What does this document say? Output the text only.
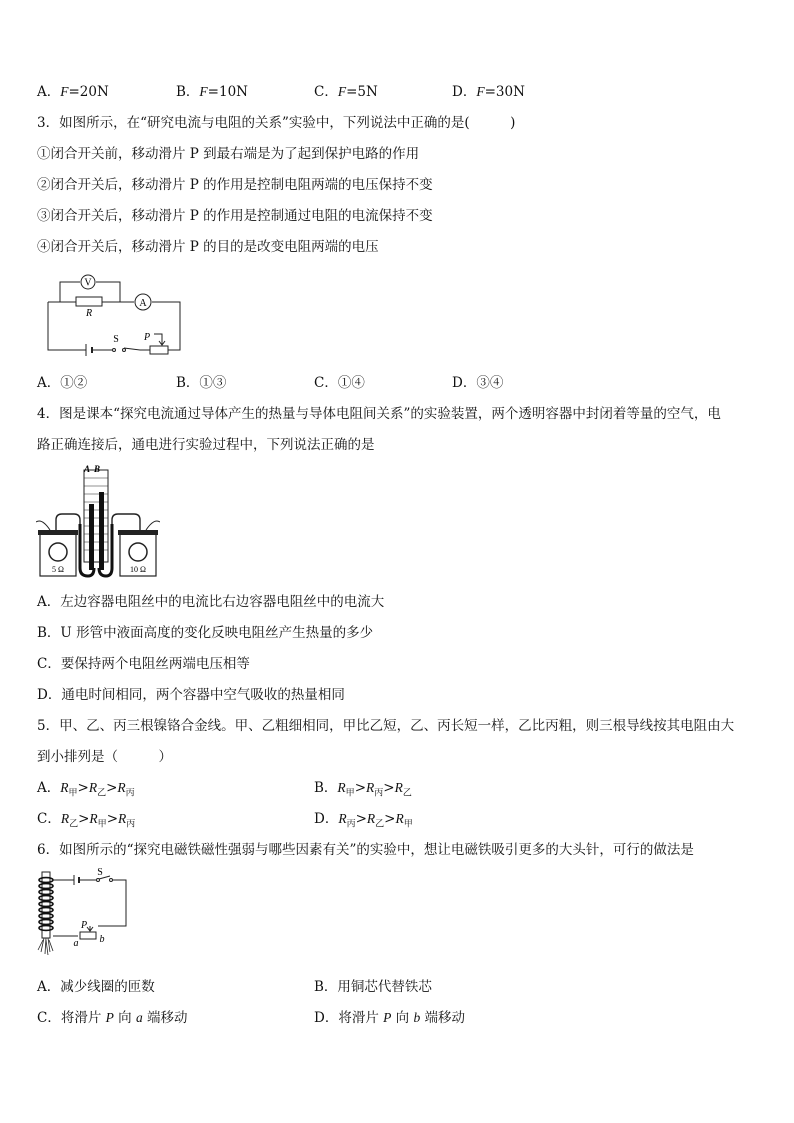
A．F=20N	B．F=10N	C．F=5N	D．F=30N
3．如图所示，在“研究电流与电阻的关系”实验中，下列说法中正确的是(　　　)
①闭合开关前，移动滑片 P 到最右端是为了起到保护电路的作用
②闭合开关后，移动滑片 P 的作用是控制电阻两端的电压保持不变
③闭合开关后，移动滑片 P 的作用是控制通过电阻的电流保持不变
④闭合开关后，移动滑片 P 的目的是改变电阻两端的电压
V
A
R
S	P
A．①②	B．①③	C．①④	D．③④
4．图是课本“探究电流通过导体产生的热量与导体电阻间关系”的实验装置，两个透明容器中封闭着等量的空气，电
路正确连接后，通电进行实验过程中，下列说法正确的是
A B
5 Ω	10 Ω
A．左边容器电阻丝中的电流比右边容器电阻丝中的电流大
B．U 形管中液面高度的变化反映电阻丝产生热量的多少
C．要保持两个电阻丝两端电压相等
D．通电时间相同，两个容器中空气吸收的热量相同
5．甲、乙、丙三根镍铬合金线。甲、乙粗细相同，甲比乙短，乙、丙长短一样，乙比丙粗，则三根导线按其电阻由大
到小排列是（　　　）
A．$R_甲>R_乙>R_丙$	B．$R_甲>R_丙>R_乙$
C．$R_乙>R_甲>R_丙$	D．$R_丙>R_乙>R_甲$
6．如图所示的“探究电磁铁磁性强弱与哪些因素有关”的实验中，想让电磁铁吸引更多的大头针，可行的做法是
S
P
a b
A．减少线圈的匝数	B．用铜芯代替铁芯
C．将滑片 P 向 a 端移动	D．将滑片 P 向 b 端移动
